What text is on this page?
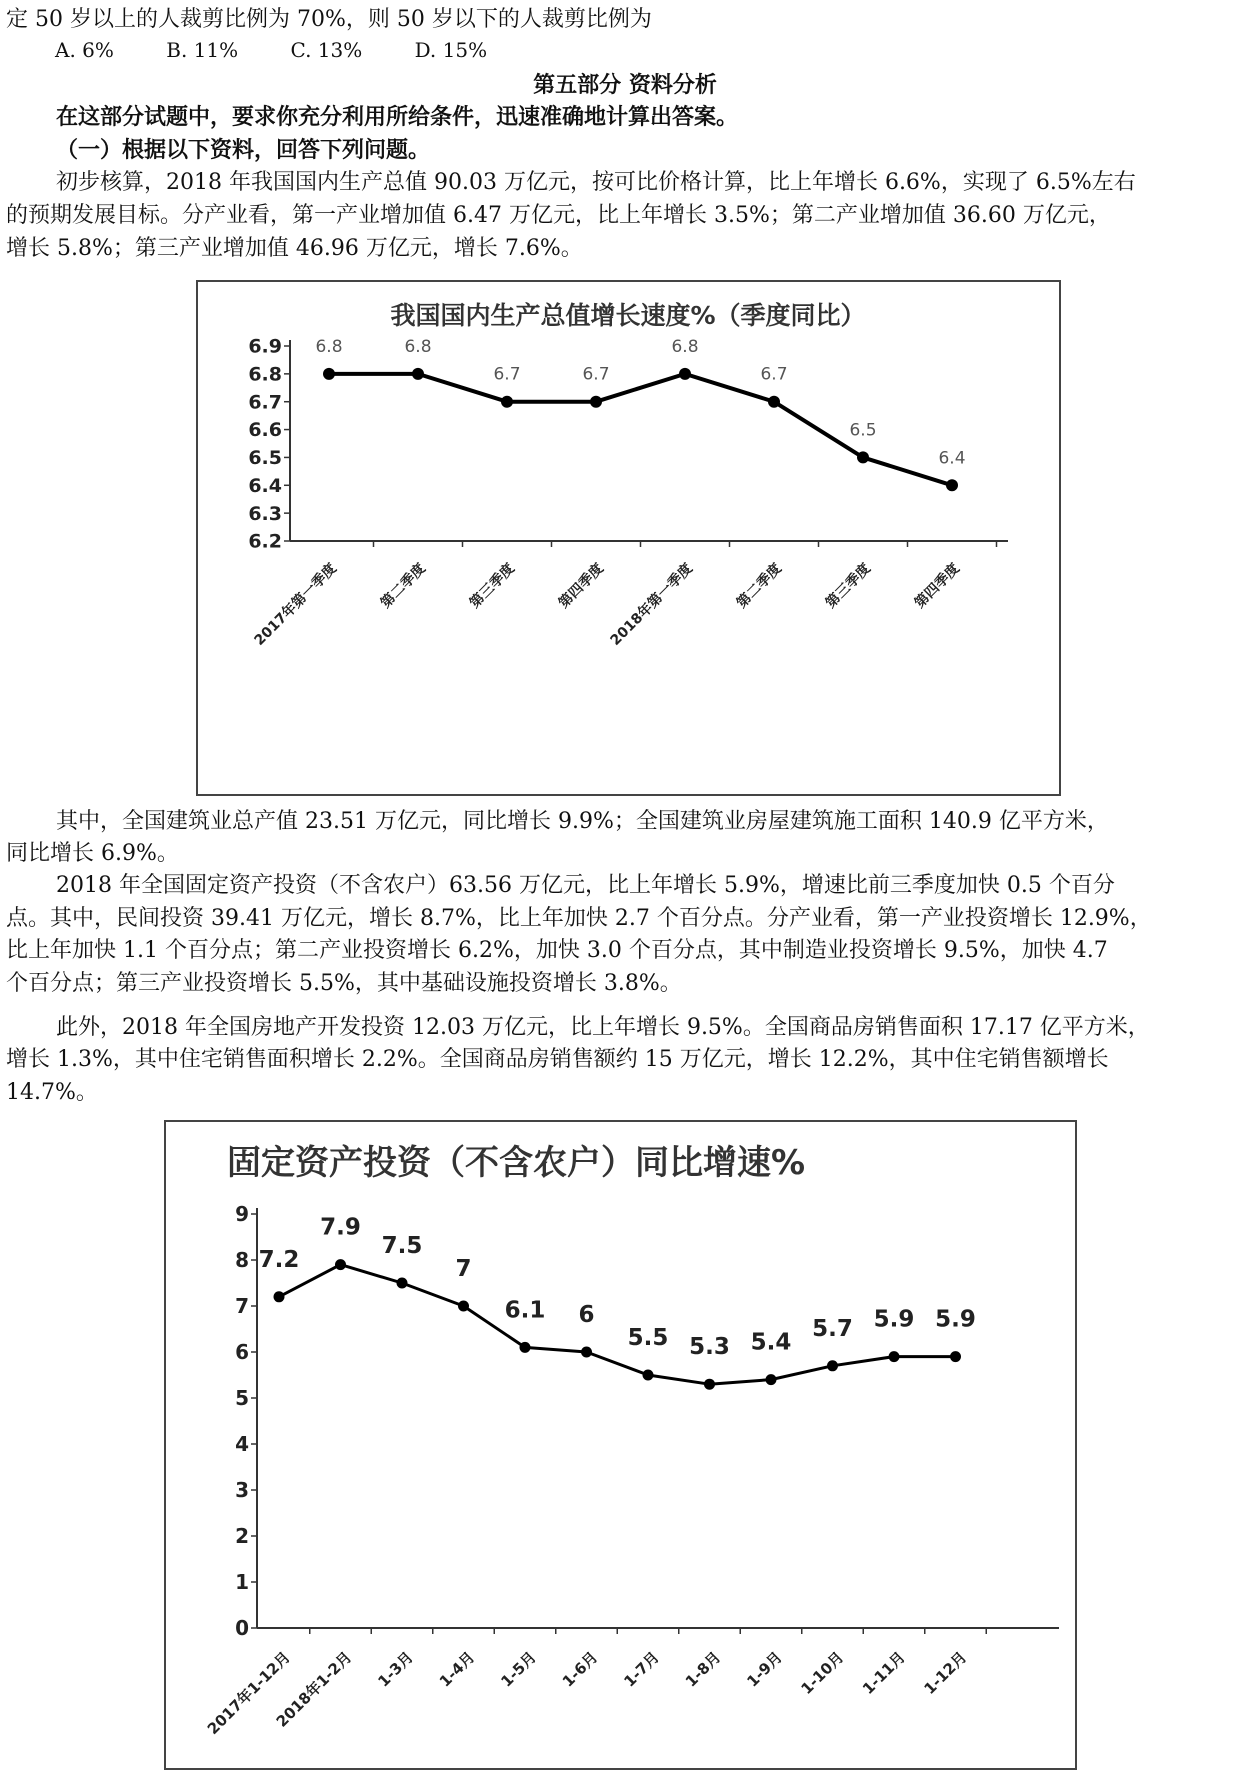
定 50 岁以上的人裁剪比例为 70%，则 50 岁以下的人裁剪比例为
A. 6%	B. 11%	C. 13%	D. 15%
第五部分 资料分析
在这部分试题中，要求你充分利用所给条件，迅速准确地计算出答案。
（一）根据以下资料，回答下列问题。
初步核算，2018 年我国国内生产总值 90.03 万亿元，按可比价格计算，比上年增长 6.6%，实现了 6.5%左右
的预期发展目标。分产业看，第一产业增加值 6.47 万亿元，比上年增长 3.5%；第二产业增加值 36.60 万亿元，
增长 5.8%；第三产业增加值 46.96 万亿元，增长 7.6%。
我国国内生产总值增长速度%（季度同比）
6.9
6.8
6.7
6.6
6.5
6.4
6.3
6.2
6.8	6.8
6.7	6.7
6.8
6.7
6.5
6.4
2017年第一季度	第二季度	第三季度	第四季度 2018年第一季度	第二季度	第三季度	第四季度
其中，全国建筑业总产值 23.51 万亿元，同比增长 9.9%；全国建筑业房屋建筑施工面积 140.9 亿平方米，
同比增长 6.9%。
2018 年全国固定资产投资（不含农户）63.56 万亿元，比上年增长 5.9%，增速比前三季度加快 0.5 个百分
点。其中，民间投资 39.41 万亿元，增长 8.7%，比上年加快 2.7 个百分点。分产业看，第一产业投资增长 12.9%，
比上年加快 1.1 个百分点；第二产业投资增长 6.2%，加快 3.0 个百分点，其中制造业投资增长 9.5%，加快 4.7
个百分点；第三产业投资增长 5.5%，其中基础设施投资增长 3.8%。
此外，2018 年全国房地产开发投资 12.03 万亿元，比上年增长 9.5%。全国商品房销售面积 17.17 亿平方米，
增长 1.3%，其中住宅销售面积增长 2.2%。全国商品房销售额约 15 万亿元，增长 12.2%，其中住宅销售额增长
14.7%。
固定资产投资（不含农户）同比增速%
9
8
7
6
5
4
3
2
1
0
7.2
7.9
7.5
7
6.1 6
5.5 5.3 5.4
5.7 5.9 5.9
2017年1-12月
2018年1-2月 1-3月 1-4月 1-5月 1-6月 1-7月 1-8月 1-9月 1-10月 1-11月 1-12月
